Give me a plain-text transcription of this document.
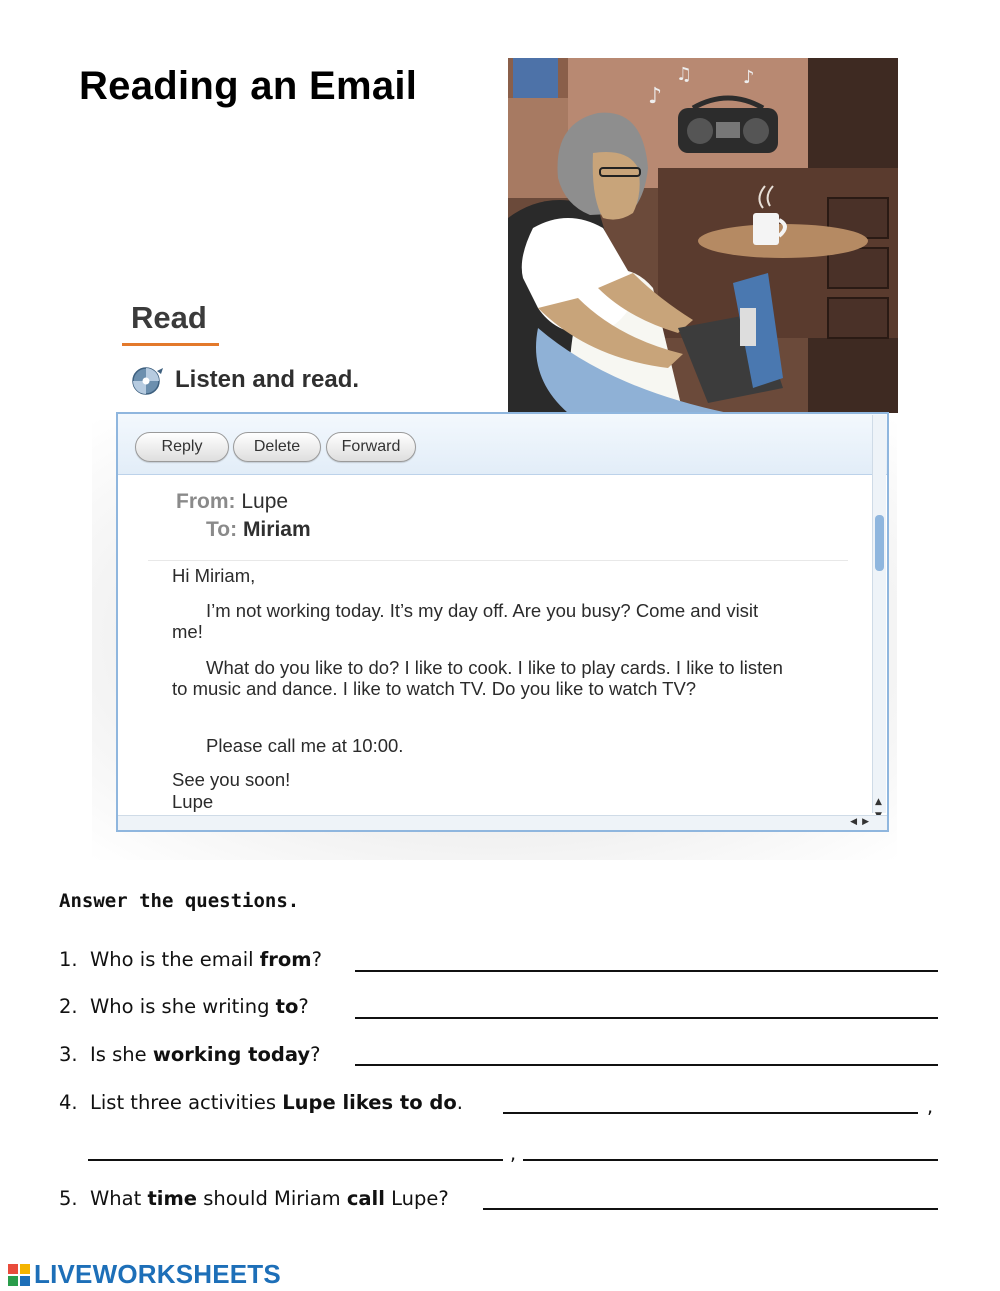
Reading an Email	♪
♫	♪
Read
Listen and read.
Reply	Delete	Forward
From: Lupe
To: Miriam

Hi Miriam,

I’m not working today. It’s my day off. Are you busy? Come and visit me!

What do you like to do? I like to cook. I like to play cards. I like to listen to music and dance. I like to watch TV. Do you like to watch TV?

Please call me at 10:00.

See you soon!

Lupe	▲
◀ ▶
Answer the questions.
1. Who is the email from?
2. Who is she writing to?
3. Is she working today?
4. List three activities Lupe likes to do.	,
,
5. What time should Miriam call Lupe?
LIVEWORKSHEETS
